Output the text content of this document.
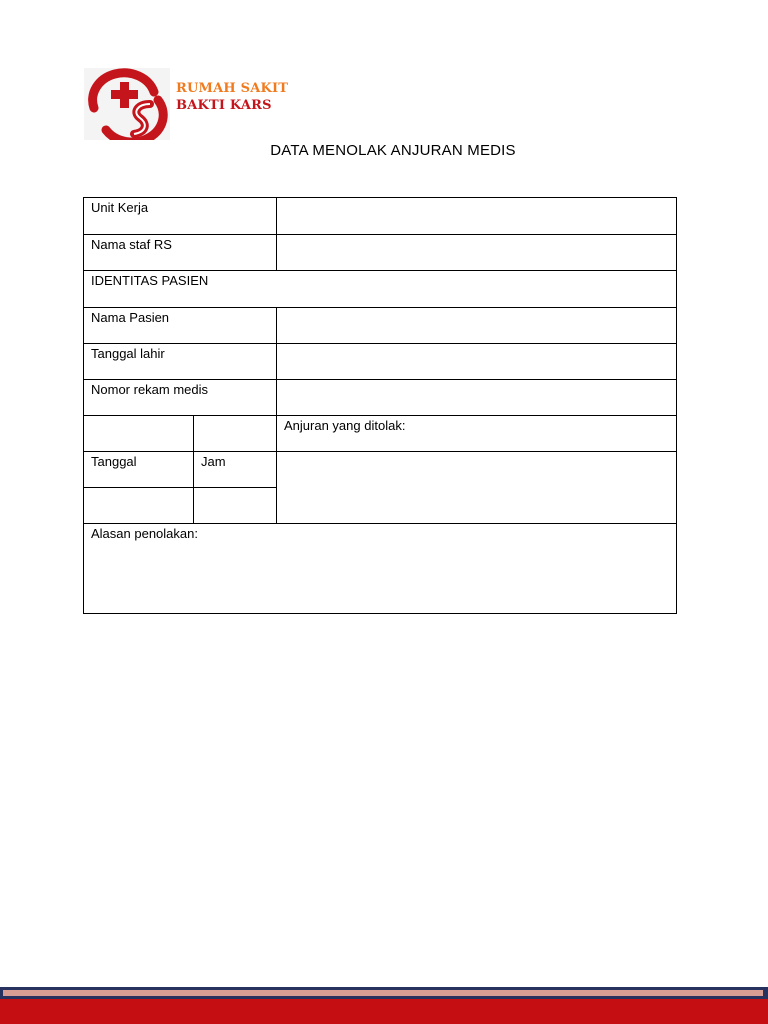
RUMAH SAKIT
BAKTI KARS
DATA MENOLAK ANJURAN MEDIS
Unit Kerja		
Nama staf RS		
IDENTITAS PASIEN		
Nama Pasien		
Tanggal lahir		
Nomor rekam medis		
		Anjuran yang ditolak:
Tanggal	Jam	

Alasan penolakan:		
